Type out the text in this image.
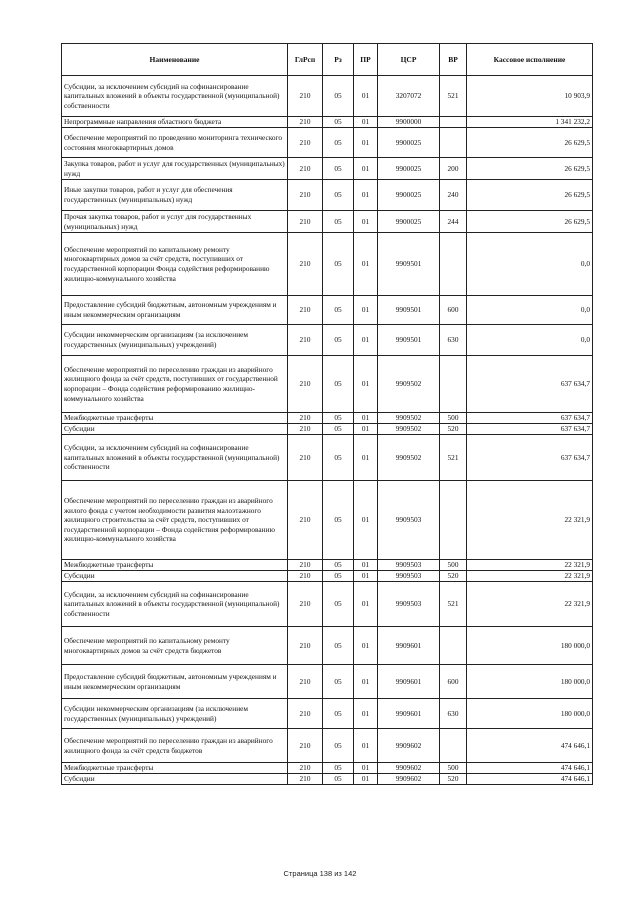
Наименование	ГлРсп	Рз	ПР	ЦСР	ВР	Кассовое исполнение
Субсидии, за исключением субсидий на софинансирование капитальных вложений в объекты государственной (муниципальной) собственности	210	05	01	3207072	521	10 903,9
Непрограммные направления областного бюджета	210	05	01	9900000		1 341 232,2
Обеспечение мероприятий по проведению мониторинга технического состояния многоквартирных домов	210	05	01	9900025		26 629,5
Закупка товаров, работ и услуг для государственных (муниципальных) нужд	210	05	01	9900025	200	26 629,5
Иные закупки товаров, работ и услуг для обеспечения государственных (муниципальных) нужд	210	05	01	9900025	240	26 629,5
Прочая закупка товаров, работ и услуг для государственных (муниципальных) нужд	210	05	01	9900025	244	26 629,5
Обеспечение мероприятий по капитальному ремонту многоквартирных домов за счёт средств, поступивших от государственной корпорации Фонда содействия реформированию жилищно-коммунального хозяйства	210	05	01	9909501		0,0
Предоставление субсидий бюджетным, автономным учреждениям и иным некоммерческим организациям	210	05	01	9909501	600	0,0
Субсидии некоммерческим организациям (за исключением государственных (муниципальных) учреждений)	210	05	01	9909501	630	0,0
Обеспечение мероприятий по переселению граждан из аварийного жилищного фонда за счёт средств, поступивших от государственной корпорации – Фонда содействия реформированию жилищно-коммунального хозяйства	210	05	01	9909502		637 634,7
Межбюджетные трансферты	210	05	01	9909502	500	637 634,7
Субсидии	210	05	01	9909502	520	637 634,7
Субсидии, за исключением субсидий на софинансирование капитальных вложений в объекты государственной (муниципальной) собственности	210	05	01	9909502	521	637 634,7
Обеспечение мероприятий по переселению граждан из аварийного жилого фонда с учетом необходимости развития малоэтажного жилищного строительства за счёт средств, поступивших от государственной корпорации – Фонда содействия реформированию жилищно-коммунального хозяйства	210	05	01	9909503		22 321,9
Межбюджетные трансферты	210	05	01	9909503	500	22 321,9
Субсидии	210	05	01	9909503	520	22 321,9
Субсидии, за исключением субсидий на софинансирование капитальных вложений в объекты государственной (муниципальной) собственности	210	05	01	9909503	521	22 321,9
Обеспечение мероприятий по капитальному ремонту многоквартирных домов за счёт средств бюджетов	210	05	01	9909601		180 000,0
Предоставление субсидий бюджетным, автономным учреждениям и иным некоммерческим организациям	210	05	01	9909601	600	180 000,0
Субсидии некоммерческим организациям (за исключением государственных (муниципальных) учреждений)	210	05	01	9909601	630	180 000,0
Обеспечение мероприятий по переселению граждан из аварийного жилищного фонда за счёт средств бюджетов	210	05	01	9909602		474 646,1
Межбюджетные трансферты	210	05	01	9909602	500	474 646,1
Субсидии	210	05	01	9909602	520	474 646,1
Страница 138 из 142
